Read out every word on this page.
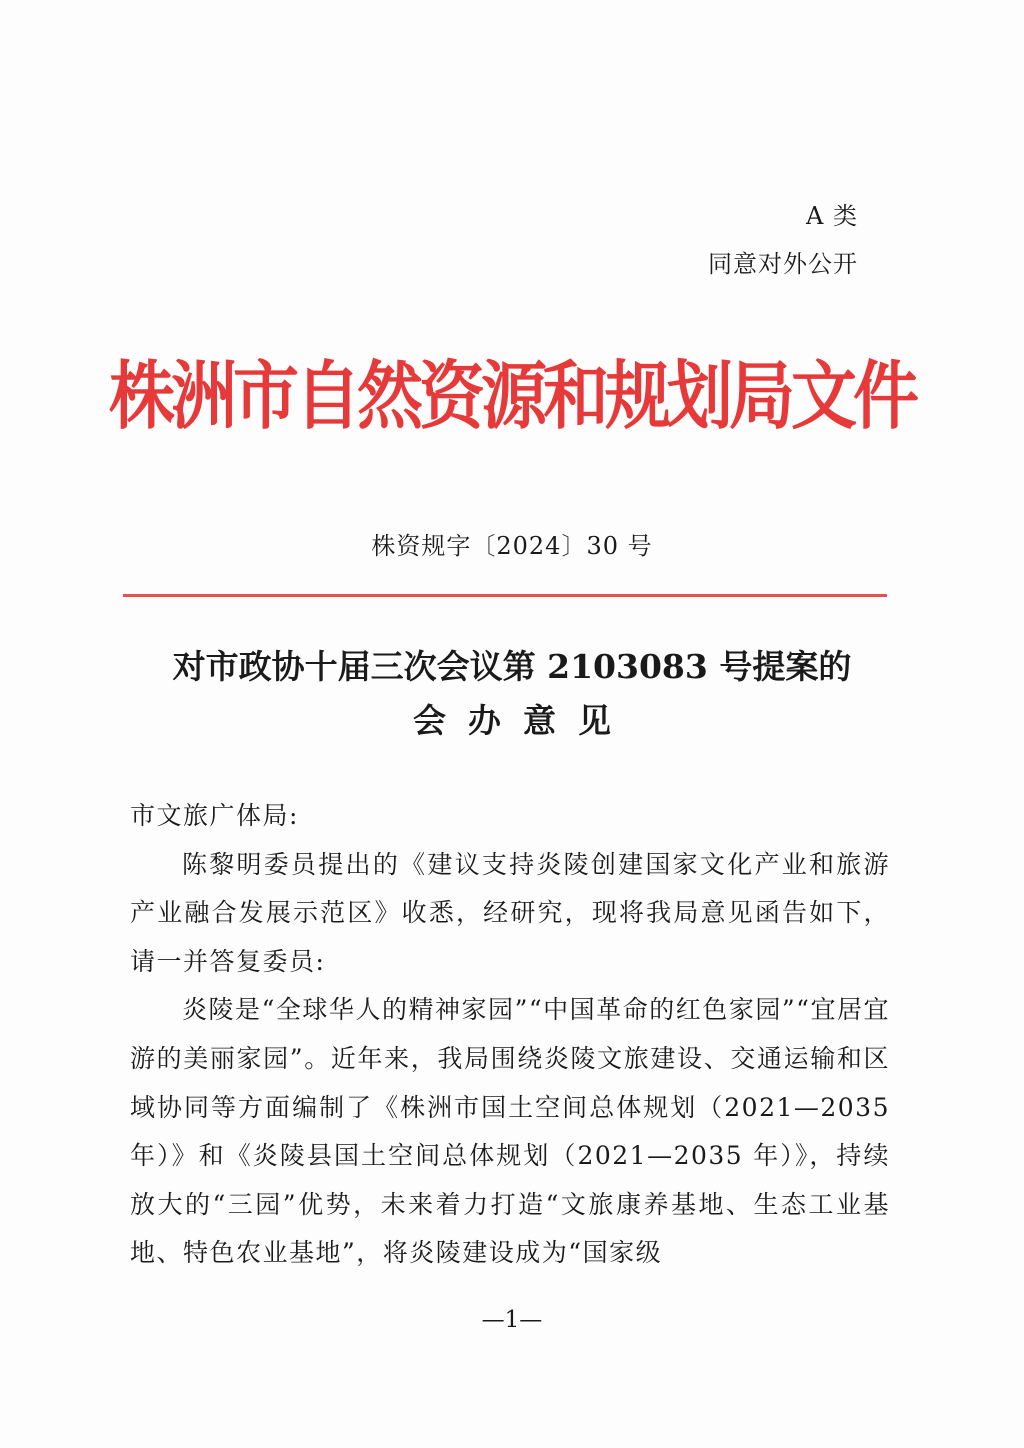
A 类
同意对外公开
株洲市自然资源和规划局文件
株资规字〔2024〕30 号
对市政协十届三次会议第 2103083 号提案的
会办意见

市文旅广体局:

陈黎明委员提出的《建议支持炎陵创建国家文化产业和旅游产业融合发展示范区》收悉，经研究，现将我局意见函告如下，请一并答复委员:

炎陵是“全球华人的精神家园”“中国革命的红色家园”“宜居宜游的美丽家园”。近年来，我局围绕炎陵文旅建设、交通运输和区域协同等方面编制了《株洲市国土空间总体规划（2021—2035 年）》和《炎陵县国土空间总体规划（2021—2035 年）》，持续放大的“三园”优势，未来着力打造“文旅康养基地、生态工业基地、特色农业基地”，将炎陵建设成为“国家级

—1—
